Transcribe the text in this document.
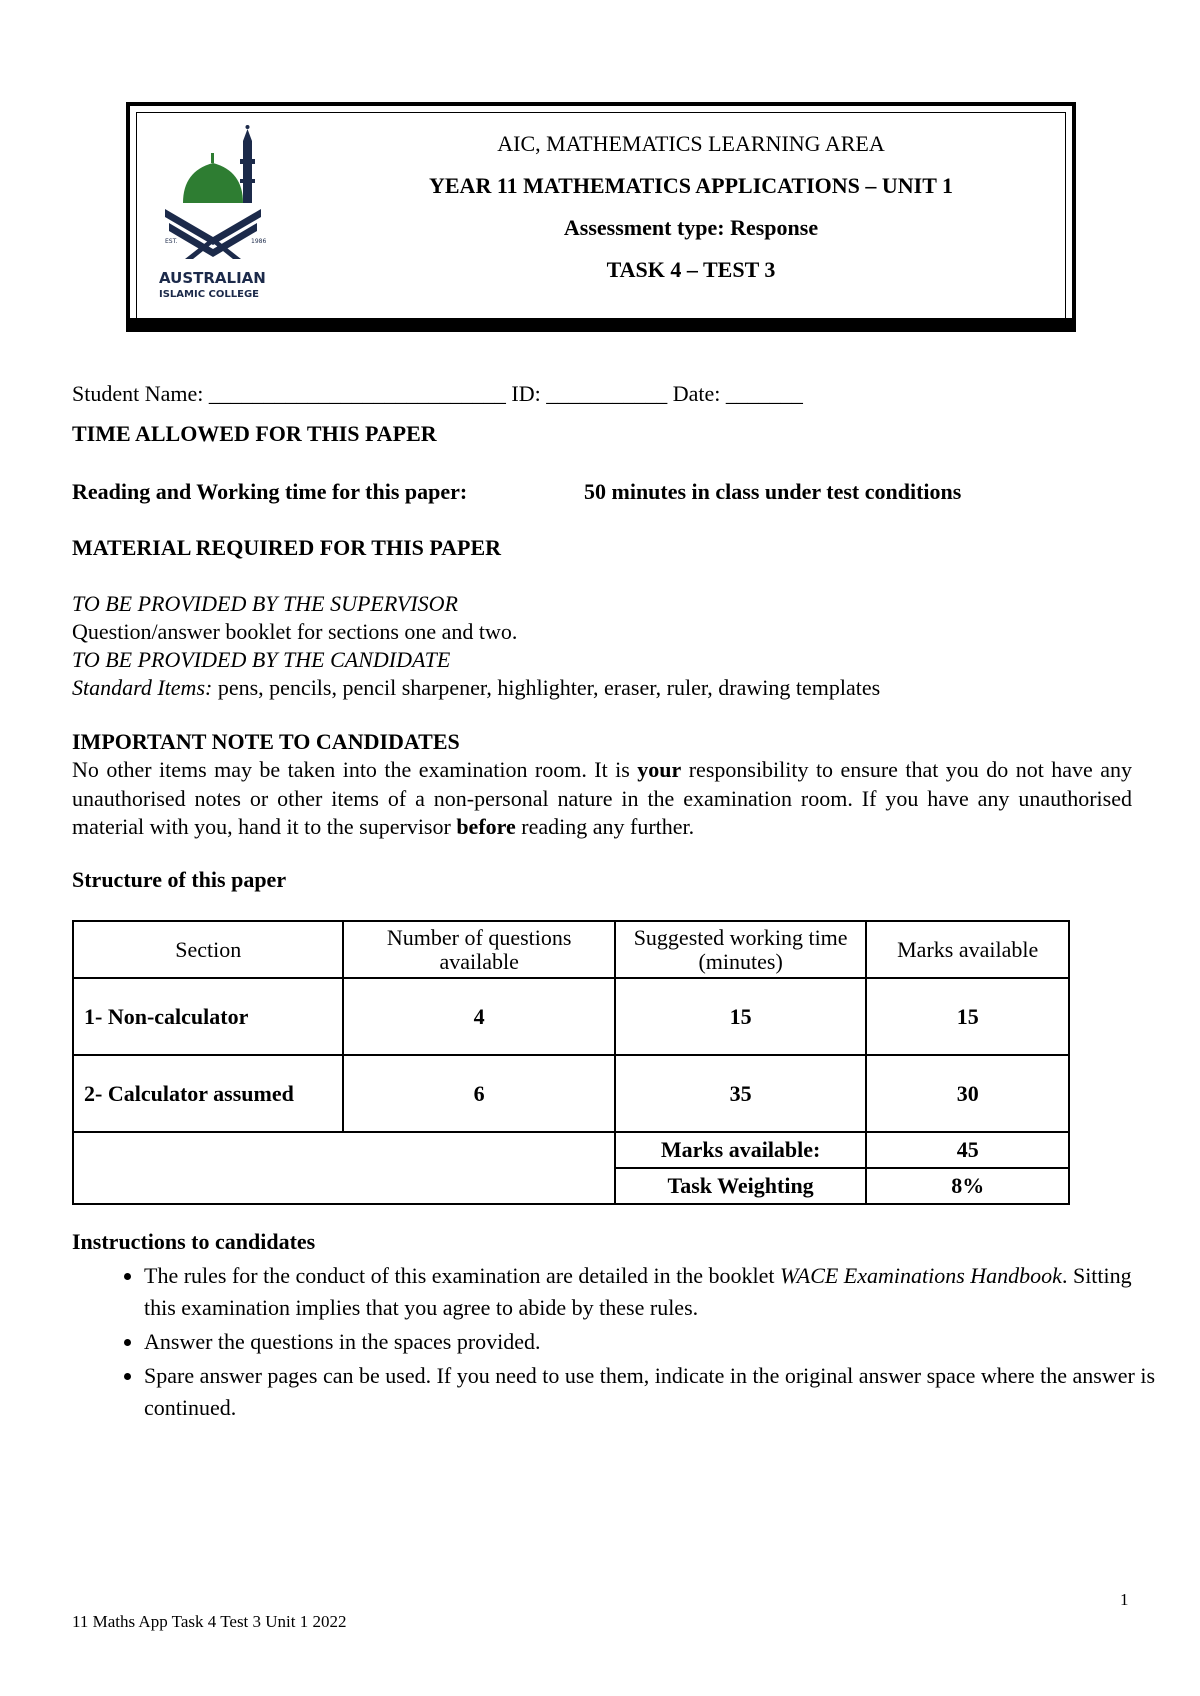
EST.	1986
AUSTRALIAN
ISLAMIC COLLEGE
AIC, MATHEMATICS LEARNING AREA
YEAR 11 MATHEMATICS APPLICATIONS – UNIT 1
Assessment type: Response
TASK 4 – TEST 3
Student Name: ___________________________ ID: ___________ Date: _______
TIME ALLOWED FOR THIS PAPER
Reading and Working time for this paper:	50 minutes in class under test conditions
MATERIAL REQUIRED FOR THIS PAPER
TO BE PROVIDED BY THE SUPERVISOR
Question/answer booklet for sections one and two.
TO BE PROVIDED BY THE CANDIDATE
Standard Items: pens, pencils, pencil sharpener, highlighter, eraser, ruler, drawing templates
IMPORTANT NOTE TO CANDIDATES
No other items may be taken into the examination room. It is your responsibility to ensure that you do not have any unauthorised notes or other items of a non-personal nature in the examination room. If you have any unauthorised material with you, hand it to the supervisor before reading any further.
Structure of this paper
Section	Number of questions available	Suggested working time (minutes)	Marks available
1- Non-calculator	4	15	15
2- Calculator assumed	6	35	30
		Marks available:	45
		Task Weighting	8%
Instructions to candidates
• The rules for the conduct of this examination are detailed in the booklet WACE Examinations Handbook. Sitting this examination implies that you agree to abide by these rules.
• Answer the questions in the spaces provided.
• Spare answer pages can be used. If you need to use them, indicate in the original answer space where the answer is continued.
1
11 Maths App Task 4 Test 3 Unit 1 2022
